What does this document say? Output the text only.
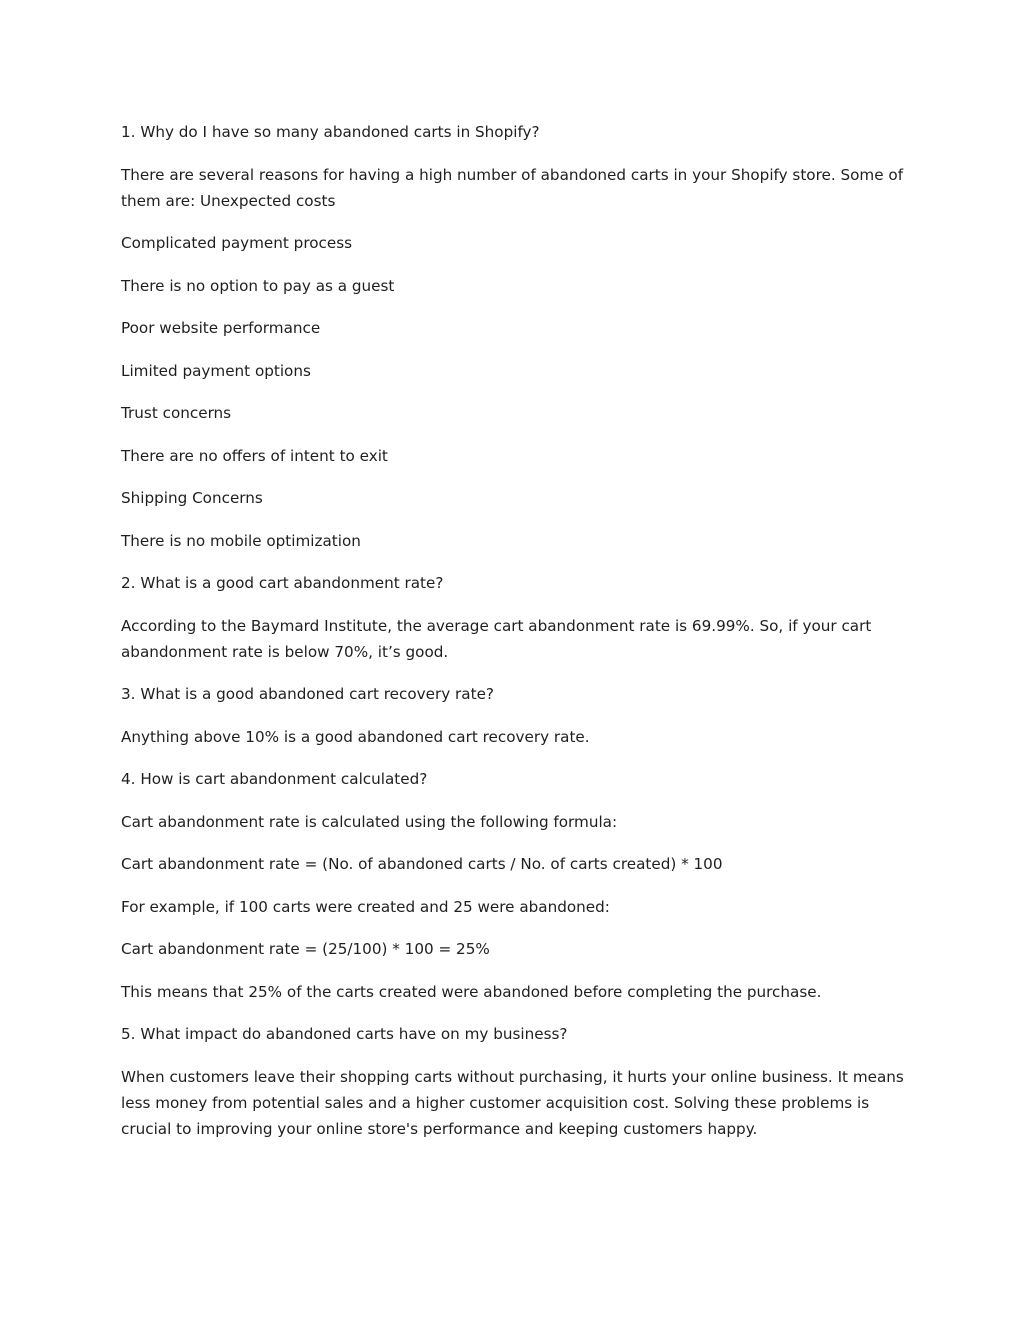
1. Why do I have so many abandoned carts in Shopify?

There are several reasons for having a high number of abandoned carts in your Shopify store. Some of them are: Unexpected costs

Complicated payment process

There is no option to pay as a guest

Poor website performance

Limited payment options

Trust concerns

There are no offers of intent to exit

Shipping Concerns

There is no mobile optimization

2. What is a good cart abandonment rate?

According to the Baymard Institute, the average cart abandonment rate is 69.99%. So, if your cart abandonment rate is below 70%, it’s good.

3. What is a good abandoned cart recovery rate?

Anything above 10% is a good abandoned cart recovery rate.

4. How is cart abandonment calculated?

Cart abandonment rate is calculated using the following formula:

Cart abandonment rate = (No. of abandoned carts / No. of carts created) * 100

For example, if 100 carts were created and 25 were abandoned:

Cart abandonment rate = (25/100) * 100 = 25%

This means that 25% of the carts created were abandoned before completing the purchase.

5. What impact do abandoned carts have on my business?

When customers leave their shopping carts without purchasing, it hurts your online business. It means less money from potential sales and a higher customer acquisition cost. Solving these problems is crucial to improving your online store's performance and keeping customers happy.
